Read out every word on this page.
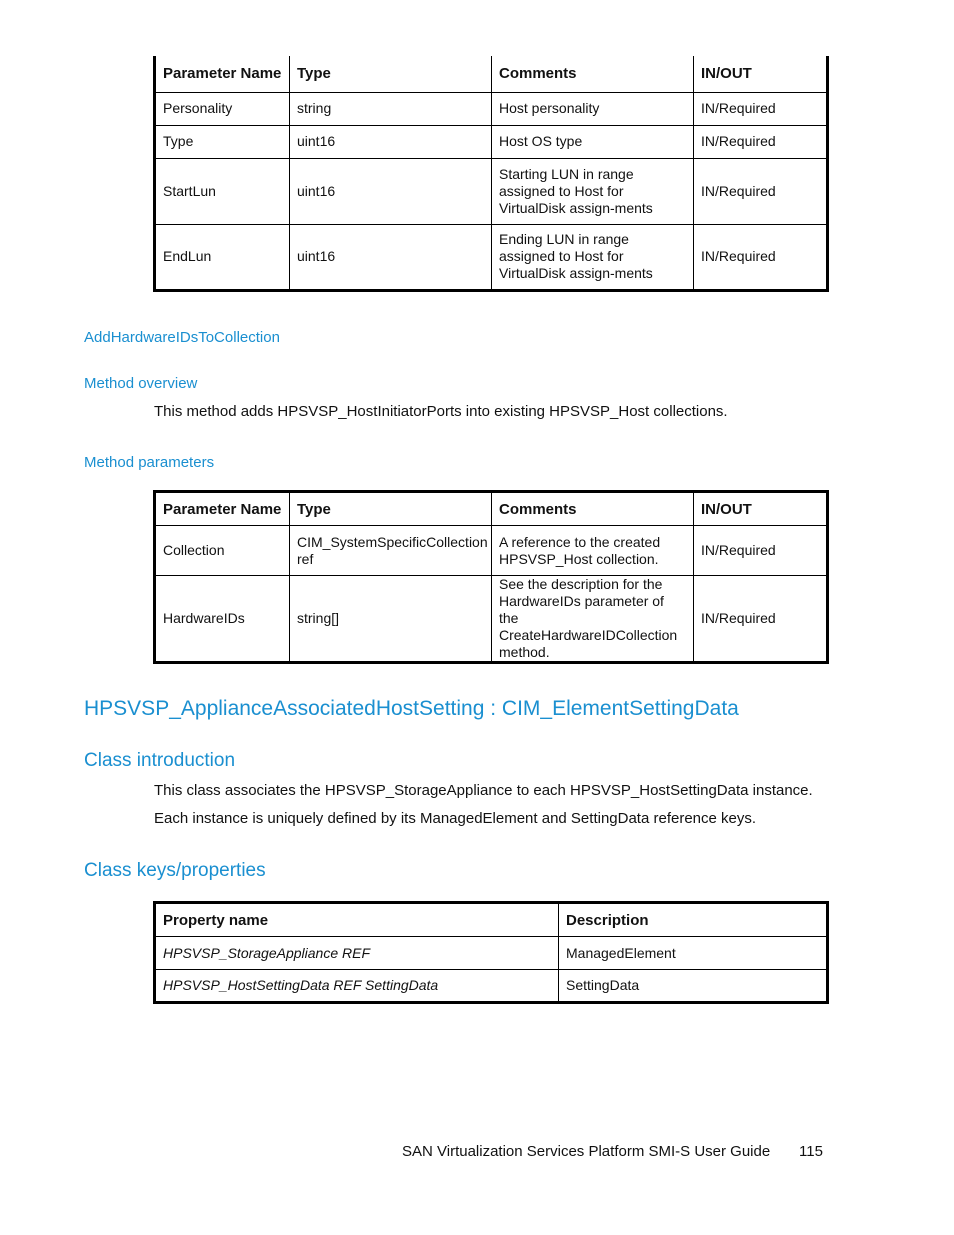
Parameter Name	Type	Comments	IN/OUT
Personality	string	Host personality	IN/Required
Type	uint16	Host OS type	IN/Required
StartLun	uint16	Starting LUN in range assigned to Host for VirtualDisk assign-ments	IN/Required
EndLun	uint16	Ending LUN in range assigned to Host for VirtualDisk assign-ments	IN/Required
AddHardwareIDsToCollection
Method overview
This method adds HPSVSP_HostInitiatorPorts into existing HPSVSP_Host collections.
Method parameters
Parameter Name	Type	Comments	IN/OUT
Collection	CIM_SystemSpecificCollection ref	A reference to the created HPSVSP_Host collection.	IN/Required
HardwareIDs	string[]	See the description for the HardwareIDs parameter of the CreateHardwareIDCollection method.	IN/Required
HPSVSP_ApplianceAssociatedHostSetting : CIM_ElementSettingData
Class introduction
This class associates the HPSVSP_StorageAppliance to each HPSVSP_HostSettingData instance.
Each instance is uniquely defined by its ManagedElement and SettingData reference keys.
Class keys/properties
Property name	Description
HPSVSP_StorageAppliance REF	ManagedElement
HPSVSP_HostSettingData REF SettingData	SettingData
SAN Virtualization Services Platform SMI-S User Guide 115
